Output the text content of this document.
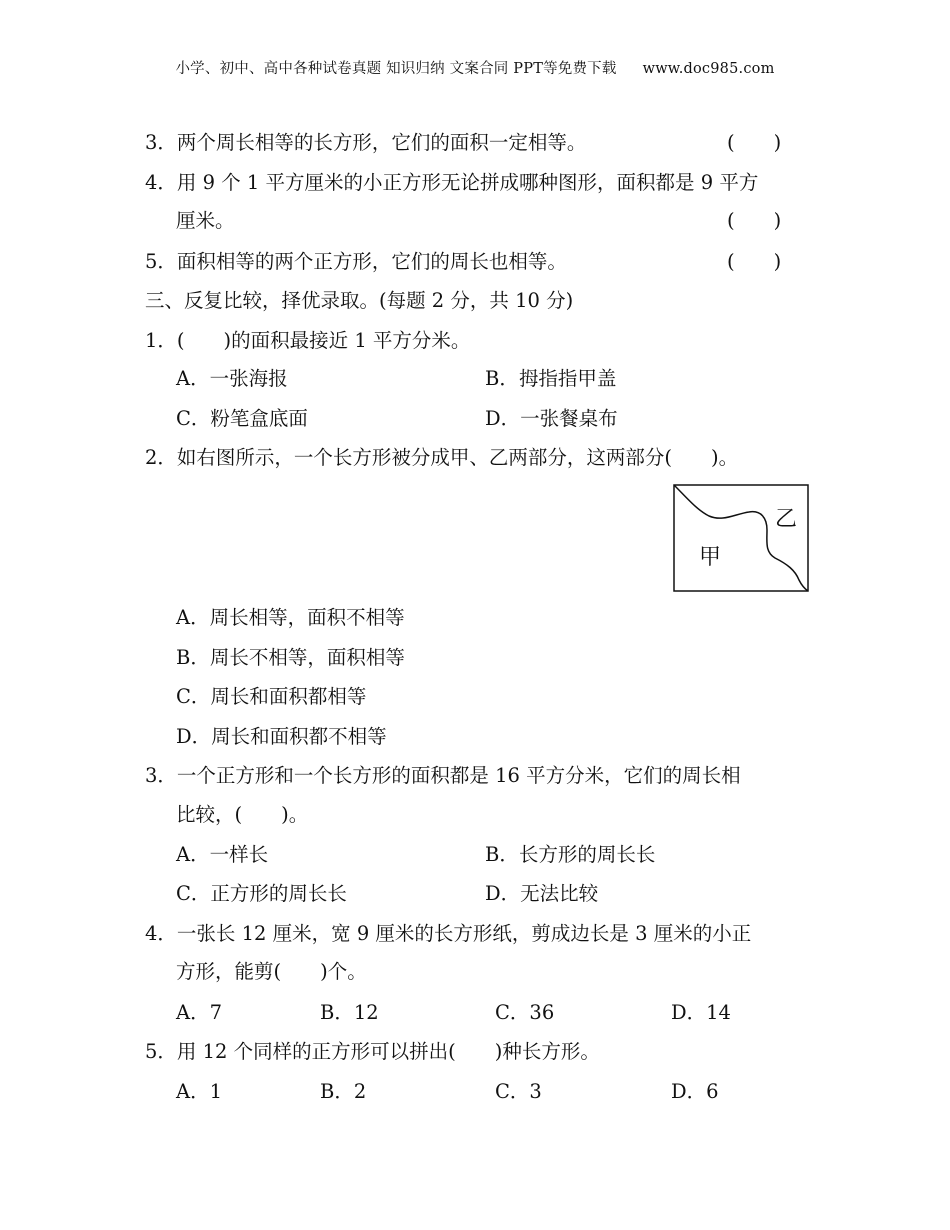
小学、初中、高中各种试卷真题 知识归纳 文案合同 PPT等免费下载 www.doc985.com
3．两个周长相等的长方形，它们的面积一定相等。	(　　)
4．用 9 个 1 平方厘米的小正方形无论拼成哪种图形，面积都是 9 平方
厘米。	(　　)
5．面积相等的两个正方形，它们的周长也相等。	(　　)
三、反复比较，择优录取。(每题 2 分，共 10 分)
1．(　　)的面积最接近 1 平方分米。
A．一张海报	B．拇指指甲盖
C．粉笔盒底面	D．一张餐桌布
2．如右图所示，一个长方形被分成甲、乙两部分，这两部分(　　)。
甲
乙
A．周长相等，面积不相等
B．周长不相等，面积相等
C．周长和面积都相等
D．周长和面积都不相等
3．一个正方形和一个长方形的面积都是 16 平方分米，它们的周长相
比较，(　　)。
A．一样长	B．长方形的周长长
C．正方形的周长长	D．无法比较
4．一张长 12 厘米，宽 9 厘米的长方形纸，剪成边长是 3 厘米的小正
方形，能剪(　　)个。
A．7	B．12	C．36	D．14
5．用 12 个同样的正方形可以拼出(　　)种长方形。
A．1	B．2	C．3	D．6
